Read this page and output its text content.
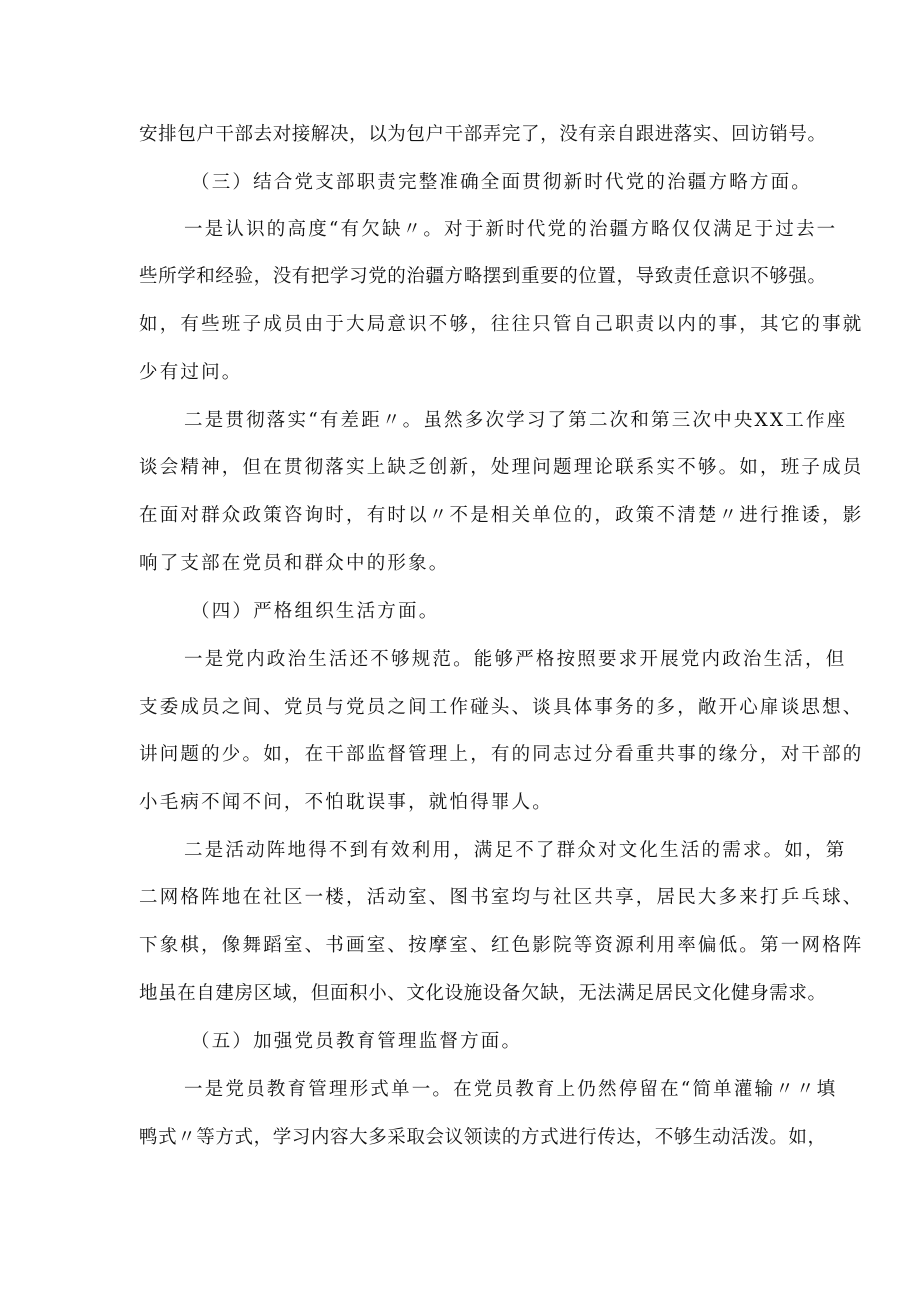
安排包户干部去对接解决，以为包户干部弄完了，没有亲自跟进落实、回访销号。
（三）结合党支部职责完整准确全面贯彻新时代党的治疆方略方面。
一是认识的高度“有欠缺〃。对于新时代党的治疆方略仅仅满足于过去一
些所学和经验，没有把学习党的治疆方略摆到重要的位置，导致责任意识不够强。
如，有些班子成员由于大局意识不够，往往只管自己职责以内的事，其它的事就
少有过问。
二是贯彻落实“有差距〃。虽然多次学习了第二次和第三次中央XX工作座
谈会精神，但在贯彻落实上缺乏创新，处理问题理论联系实不够。如，班子成员
在面对群众政策咨询时，有时以〃不是相关单位的，政策不清楚〃进行推诿，影
响了支部在党员和群众中的形象。
（四）严格组织生活方面。
一是党内政治生活还不够规范。能够严格按照要求开展党内政治生活，但
支委成员之间、党员与党员之间工作碰头、谈具体事务的多，敞开心扉谈思想、
讲问题的少。如，在干部监督管理上，有的同志过分看重共事的缘分，对干部的
小毛病不闻不问，不怕耽误事，就怕得罪人。
二是活动阵地得不到有效利用，满足不了群众对文化生活的需求。如，第
二网格阵地在社区一楼，活动室、图书室均与社区共享，居民大多来打乒乓球、
下象棋，像舞蹈室、书画室、按摩室、红色影院等资源利用率偏低。第一网格阵
地虽在自建房区域，但面积小、文化设施设备欠缺，无法满足居民文化健身需求。
（五）加强党员教育管理监督方面。
一是党员教育管理形式单一。在党员教育上仍然停留在“简单灌输〃〃填
鸭式〃等方式，学习内容大多采取会议领读的方式进行传达，不够生动活泼。如，
